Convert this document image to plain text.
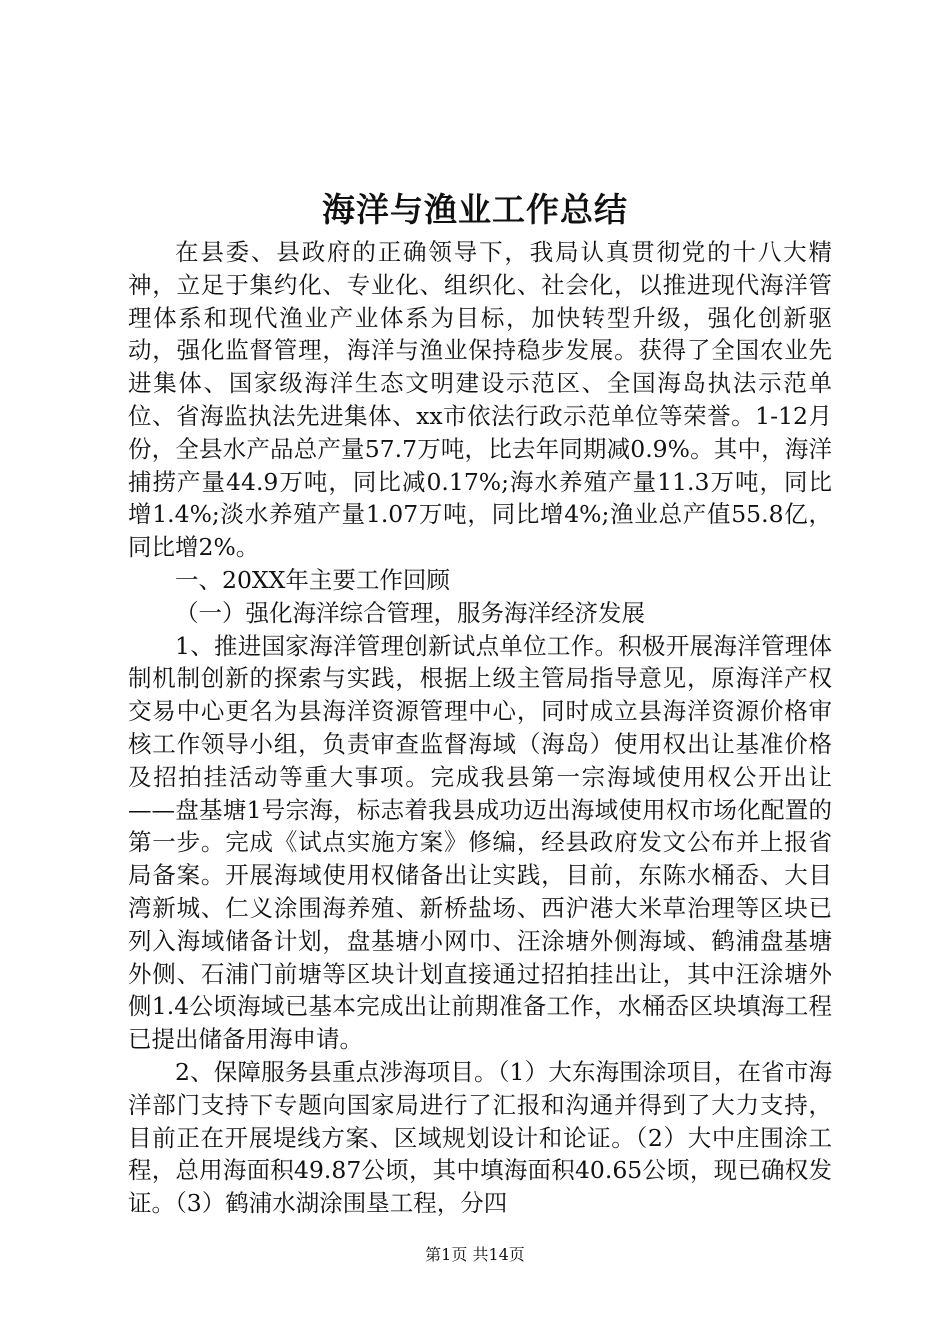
海洋与渔业工作总结

在县委、县政府的正确领导下，我局认真贯彻党的十八大精神，立足于集约化、专业化、组织化、社会化，以推进现代海洋管理体系和现代渔业产业体系为目标，加快转型升级，强化创新驱动，强化监督管理，海洋与渔业保持稳步发展。获得了全国农业先进集体、国家级海洋生态文明建设示范区、全国海岛执法示范单位、省海监执法先进集体、xx市依法行政示范单位等荣誉。1-12月份，全县水产品总产量57.7万吨，比去年同期减0.9%。其中，海洋捕捞产量44.9万吨，同比减0.17%;海水养殖产量11.3万吨，同比增1.4%;淡水养殖产量1.07万吨，同比增4%;渔业总产值55.8亿，同比增2%。

一、20XX年主要工作回顾

（一）强化海洋综合管理，服务海洋经济发展

1、推进国家海洋管理创新试点单位工作。积极开展海洋管理体制机制创新的探索与实践，根据上级主管局指导意见，原海洋产权交易中心更名为县海洋资源管理中心，同时成立县海洋资源价格审核工作领导小组，负责审查监督海域（海岛）使用权出让基准价格及招拍挂活动等重大事项。完成我县第一宗海域使用权公开出让——盘基塘1号宗海，标志着我县成功迈出海域使用权市场化配置的第一步。完成《试点实施方案》修编，经县政府发文公布并上报省局备案。开展海域使用权储备出让实践，目前，东陈水桶岙、大目湾新城、仁义涂围海养殖、新桥盐场、西沪港大米草治理等区块已列入海域储备计划，盘基塘小网巾、汪涂塘外侧海域、鹤浦盘基塘外侧、石浦门前塘等区块计划直接通过招拍挂出让，其中汪涂塘外侧1.4公顷海域已基本完成出让前期准备工作，水桶岙区块填海工程已提出储备用海申请。

2、保障服务县重点涉海项目。（1）大东海围涂项目，在省市海洋部门支持下专题向国家局进行了汇报和沟通并得到了大力支持，目前正在开展堤线方案、区域规划设计和论证。（2）大中庄围涂工程，总用海面积49.87公顷，其中填海面积40.65公顷，现已确权发证。（3）鹤浦水湖涂围垦工程，分四

第1页 共14页
